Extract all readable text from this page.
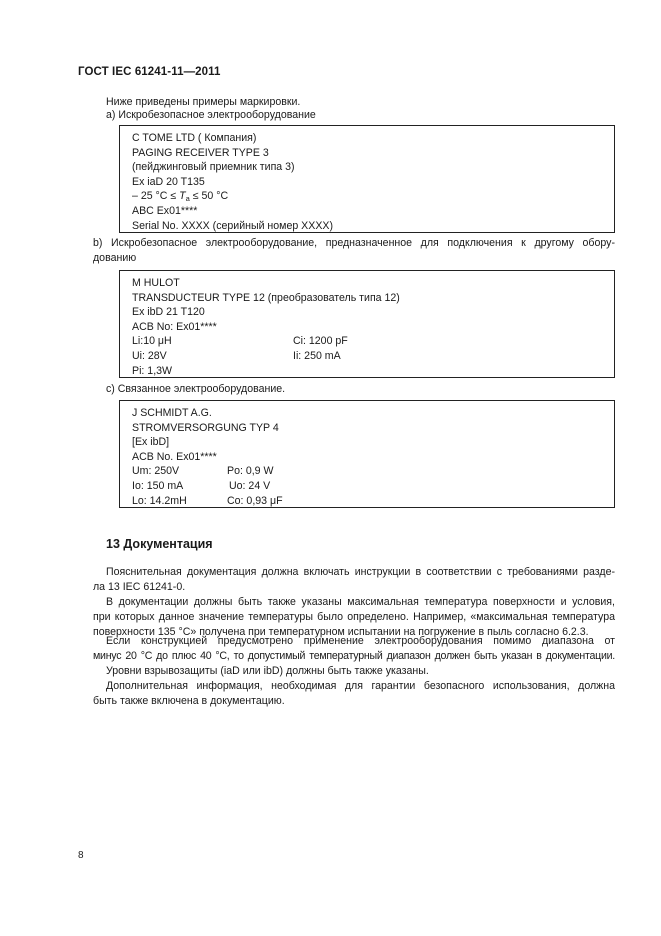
ГОСТ IEC 61241-11—2011
Ниже приведены примеры маркировки.
a) Искробезопасное электрооборудование
C TOME LTD ( Компания)
PAGING RECEIVER TYPE 3
(пейджинговый приемник типа 3)
Ex iaD 20 T135
– 25 $^\circ С \le T_a \le 50$ °С
ABC Ex01****
Serial No. XXXX (серийный номер XXXX)
b) Искробезопасное электрооборудование, предназначенное для подключения к другому обору-
дованию
M HULOT
TRANSDUCTEUR TYPE 12 (преобразователь типа 12)
Ex ibD 21 T120
ACB No: Ex01****
Li:10 μH	Ci: 1200 pF
Ui: 28V	Ii: 250 mA
Pi: 1,3W
c) Связанное электрооборудование.
J SCHMIDT A.G.
STROMVERSORGUNG TYP 4
[Ex ibD]
ACB No. Ex01****
Um: 250V	Po: 0,9 W
Io: 150 mA	Uo: 24 V
Lo: 14.2mH	Co: 0,93 μF
13 Документация
Пояснительная документация должна включать инструкции в соответствии с требованиями разде-
ла 13 IEC 61241-0.
В документации должны быть также указаны максимальная температура поверхности и условия,
при которых данное значение температуры было определено. Например, «максимальная температура
поверхности 135 °С» получена при температурном испытании на погружение в пыль согласно 6.2.3.
Если конструкцией предусмотрено применение электрооборудования помимо диапазона от
минус 20 °С до плюс 40 °С, то допустимый температурный диапазон должен быть указан в документации.
Уровни взрывозащиты (iaD или ibD) должны быть также указаны.
Дополнительная информация, необходимая для гарантии безопасного использования, должна
быть также включена в документацию.
8
